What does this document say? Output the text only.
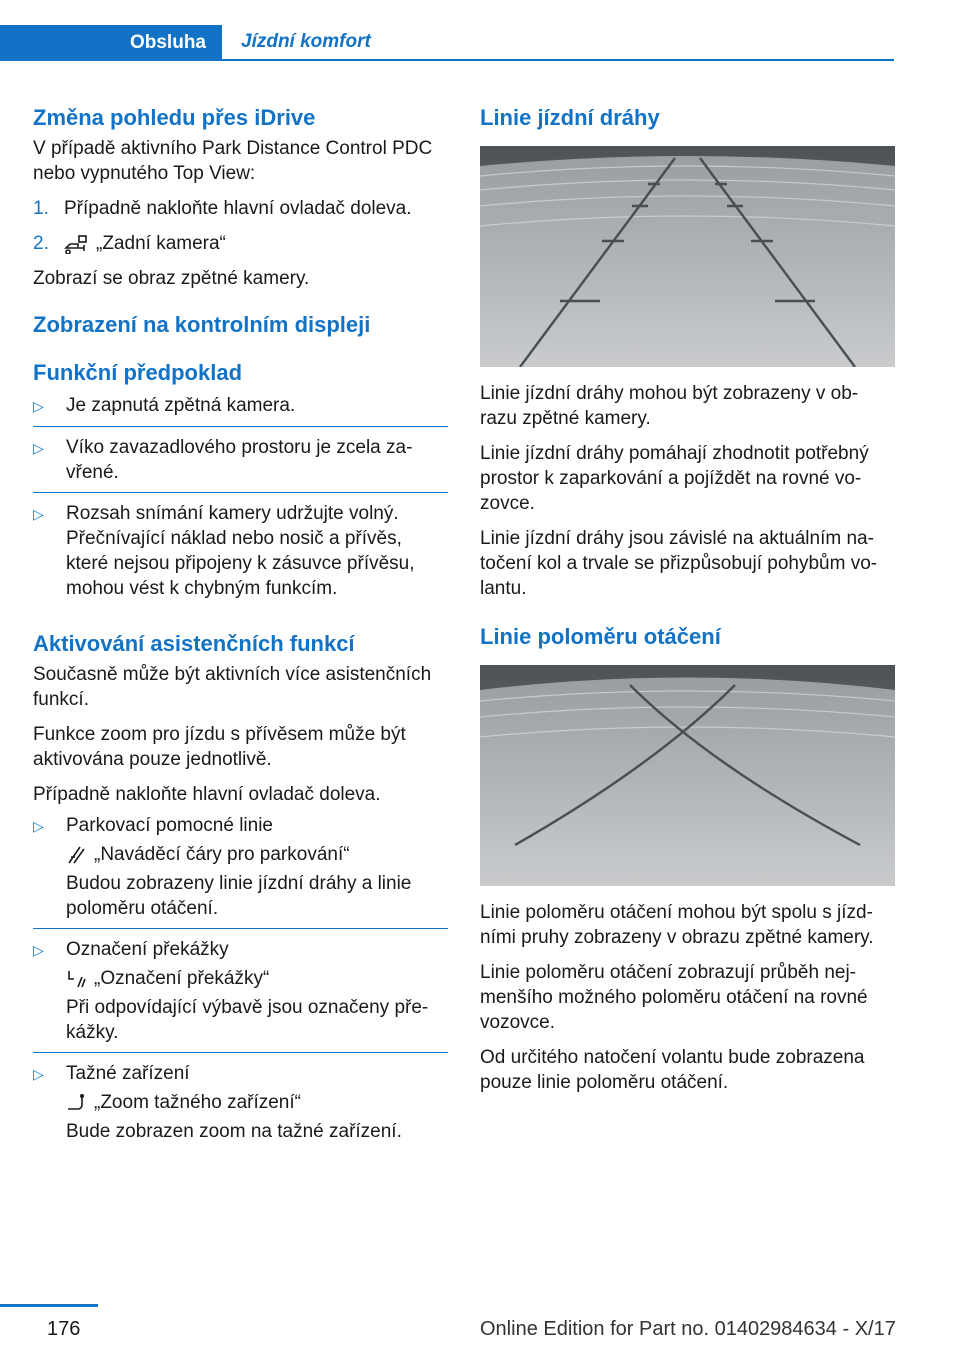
Obsluha	Jízdní komfort
Změna pohledu přes iDrive

V případě aktivního Park Distance Control PDC nebo vypnutého Top View:

1. Případně nakloňte hlavní ovladač doleva.
2.	„Zadní kamera“

Zobrazí se obraz zpětné kamery.

Zobrazení na kontrolním displeji
Funkční předpoklad
▷	Je zapnutá zpětná kamera.
▷	Víko zavazadlového prostoru je zcela za-vřené.
▷	Rozsah snímání kamery udržujte volný. Přečnívající náklad nebo nosič a přívěs, které nejsou připojeny k zásuvce přívěsu, mohou vést k chybným funkcím.
Aktivování asistenčních funkcí

Současně může být aktivních více asistenčních funkcí.

Funkce zoom pro jízdu s přívěsem může být aktivována pouze jednotlivě.

Případně nakloňte hlavní ovladač doleva.

▷	Parkovací pomocné linie
„Naváděcí čáry pro parkování“
Budou zobrazeny linie jízdní dráhy a linie poloměru otáčení.
▷	Označení překážky
„Označení překážky“
Při odpovídající výbavě jsou označeny pře-kážky.
▷	Tažné zařízení
„Zoom tažného zařízení“
Bude zobrazen zoom na tažné zařízení.
Linie jízdní dráhy

Linie jízdní dráhy mohou být zobrazeny v ob-razu zpětné kamery.

Linie jízdní dráhy pomáhají zhodnotit potřebný prostor k zaparkování a pojíždět na rovné vo-zovce.

Linie jízdní dráhy jsou závislé na aktuálním na-točení kol a trvale se přizpůsobují pohybům vo-lantu.

Linie poloměru otáčení

Linie poloměru otáčení mohou být spolu s jízd-ními pruhy zobrazeny v obrazu zpětné kamery.

Linie poloměru otáčení zobrazují průběh nej-menšího možného poloměru otáčení na rovné vozovce.

Od určitého natočení volantu bude zobrazena pouze linie poloměru otáčení.

176	Online Edition for Part no. 01402984634 - X/17
